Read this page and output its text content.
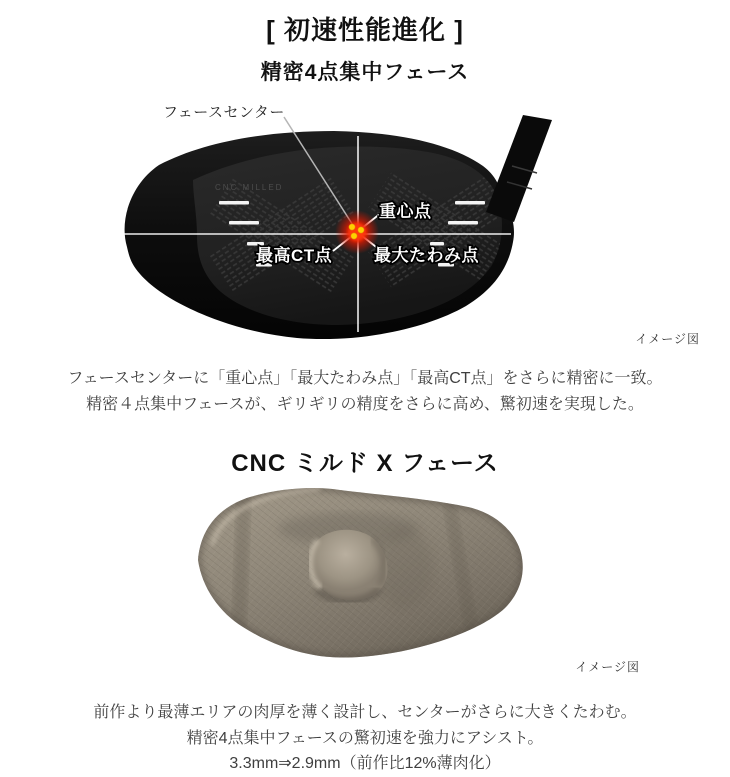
[ 初速性能進化 ]
精密4点集中フェース
CNC MILLED
重心点
最高CT点 最大たわみ点
フェースセンター
イメージ図

フェースセンターに「重心点」「最大たわみ点」「最高CT点」をさらに精密に一致。
精密４点集中フェースが、ギリギリの精度をさらに高め、驚初速を実現した。

CNC ミルド X フェース
イメージ図

前作より最薄エリアの肉厚を薄く設計し、センターがさらに大きくたわむ。
精密4点集中フェースの驚初速を強力にアシスト。
3.3mm⇒2.9mm（前作比12%薄肉化）
